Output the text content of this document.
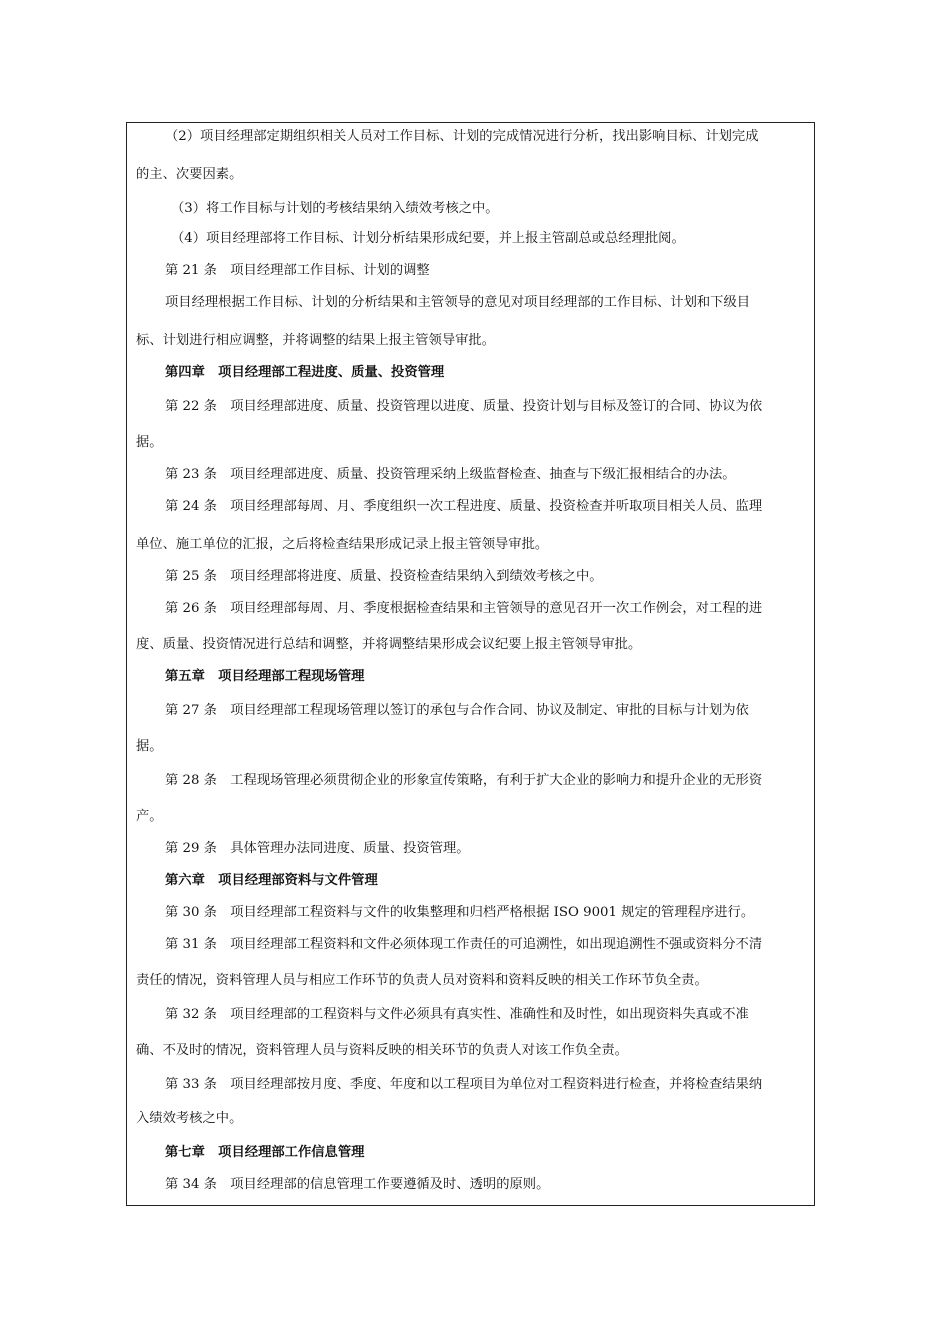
（2）项目经理部定期组织相关人员对工作目标、计划的完成情况进行分析，找出影响目标、计划完成
的主、次要因素。
（3）将工作目标与计划的考核结果纳入绩效考核之中。
（4）项目经理部将工作目标、计划分析结果形成纪要，并上报主管副总或总经理批阅。
第 21 条　项目经理部工作目标、计划的调整
项目经理根据工作目标、计划的分析结果和主管领导的意见对项目经理部的工作目标、计划和下级目
标、计划进行相应调整，并将调整的结果上报主管领导审批。
第四章　项目经理部工程进度、质量、投资管理
第 22 条　项目经理部进度、质量、投资管理以进度、质量、投资计划与目标及签订的合同、协议为依
据。
第 23 条　项目经理部进度、质量、投资管理采纳上级监督检查、抽查与下级汇报相结合的办法。
第 24 条　项目经理部每周、月、季度组织一次工程进度、质量、投资检查并听取项目相关人员、监理
单位、施工单位的汇报，之后将检查结果形成记录上报主管领导审批。
第 25 条　项目经理部将进度、质量、投资检查结果纳入到绩效考核之中。
第 26 条　项目经理部每周、月、季度根据检查结果和主管领导的意见召开一次工作例会，对工程的进
度、质量、投资情况进行总结和调整，并将调整结果形成会议纪要上报主管领导审批。
第五章　项目经理部工程现场管理
第 27 条　项目经理部工程现场管理以签订的承包与合作合同、协议及制定、审批的目标与计划为依
据。
第 28 条　工程现场管理必须贯彻企业的形象宣传策略，有利于扩大企业的影响力和提升企业的无形资
产。
第 29 条　具体管理办法同进度、质量、投资管理。
第六章　项目经理部资料与文件管理
第 30 条　项目经理部工程资料与文件的收集整理和归档严格根据 ISO 9001 规定的管理程序进行。
第 31 条　项目经理部工程资料和文件必须体现工作责任的可追溯性，如出现追溯性不强或资料分不清
责任的情况，资料管理人员与相应工作环节的负责人员对资料和资料反映的相关工作环节负全责。
第 32 条　项目经理部的工程资料与文件必须具有真实性、准确性和及时性，如出现资料失真或不准
确、不及时的情况，资料管理人员与资料反映的相关环节的负责人对该工作负全责。
第 33 条　项目经理部按月度、季度、年度和以工程项目为单位对工程资料进行检查，并将检查结果纳
入绩效考核之中。
第七章　项目经理部工作信息管理
第 34 条　项目经理部的信息管理工作要遵循及时、透明的原则。
